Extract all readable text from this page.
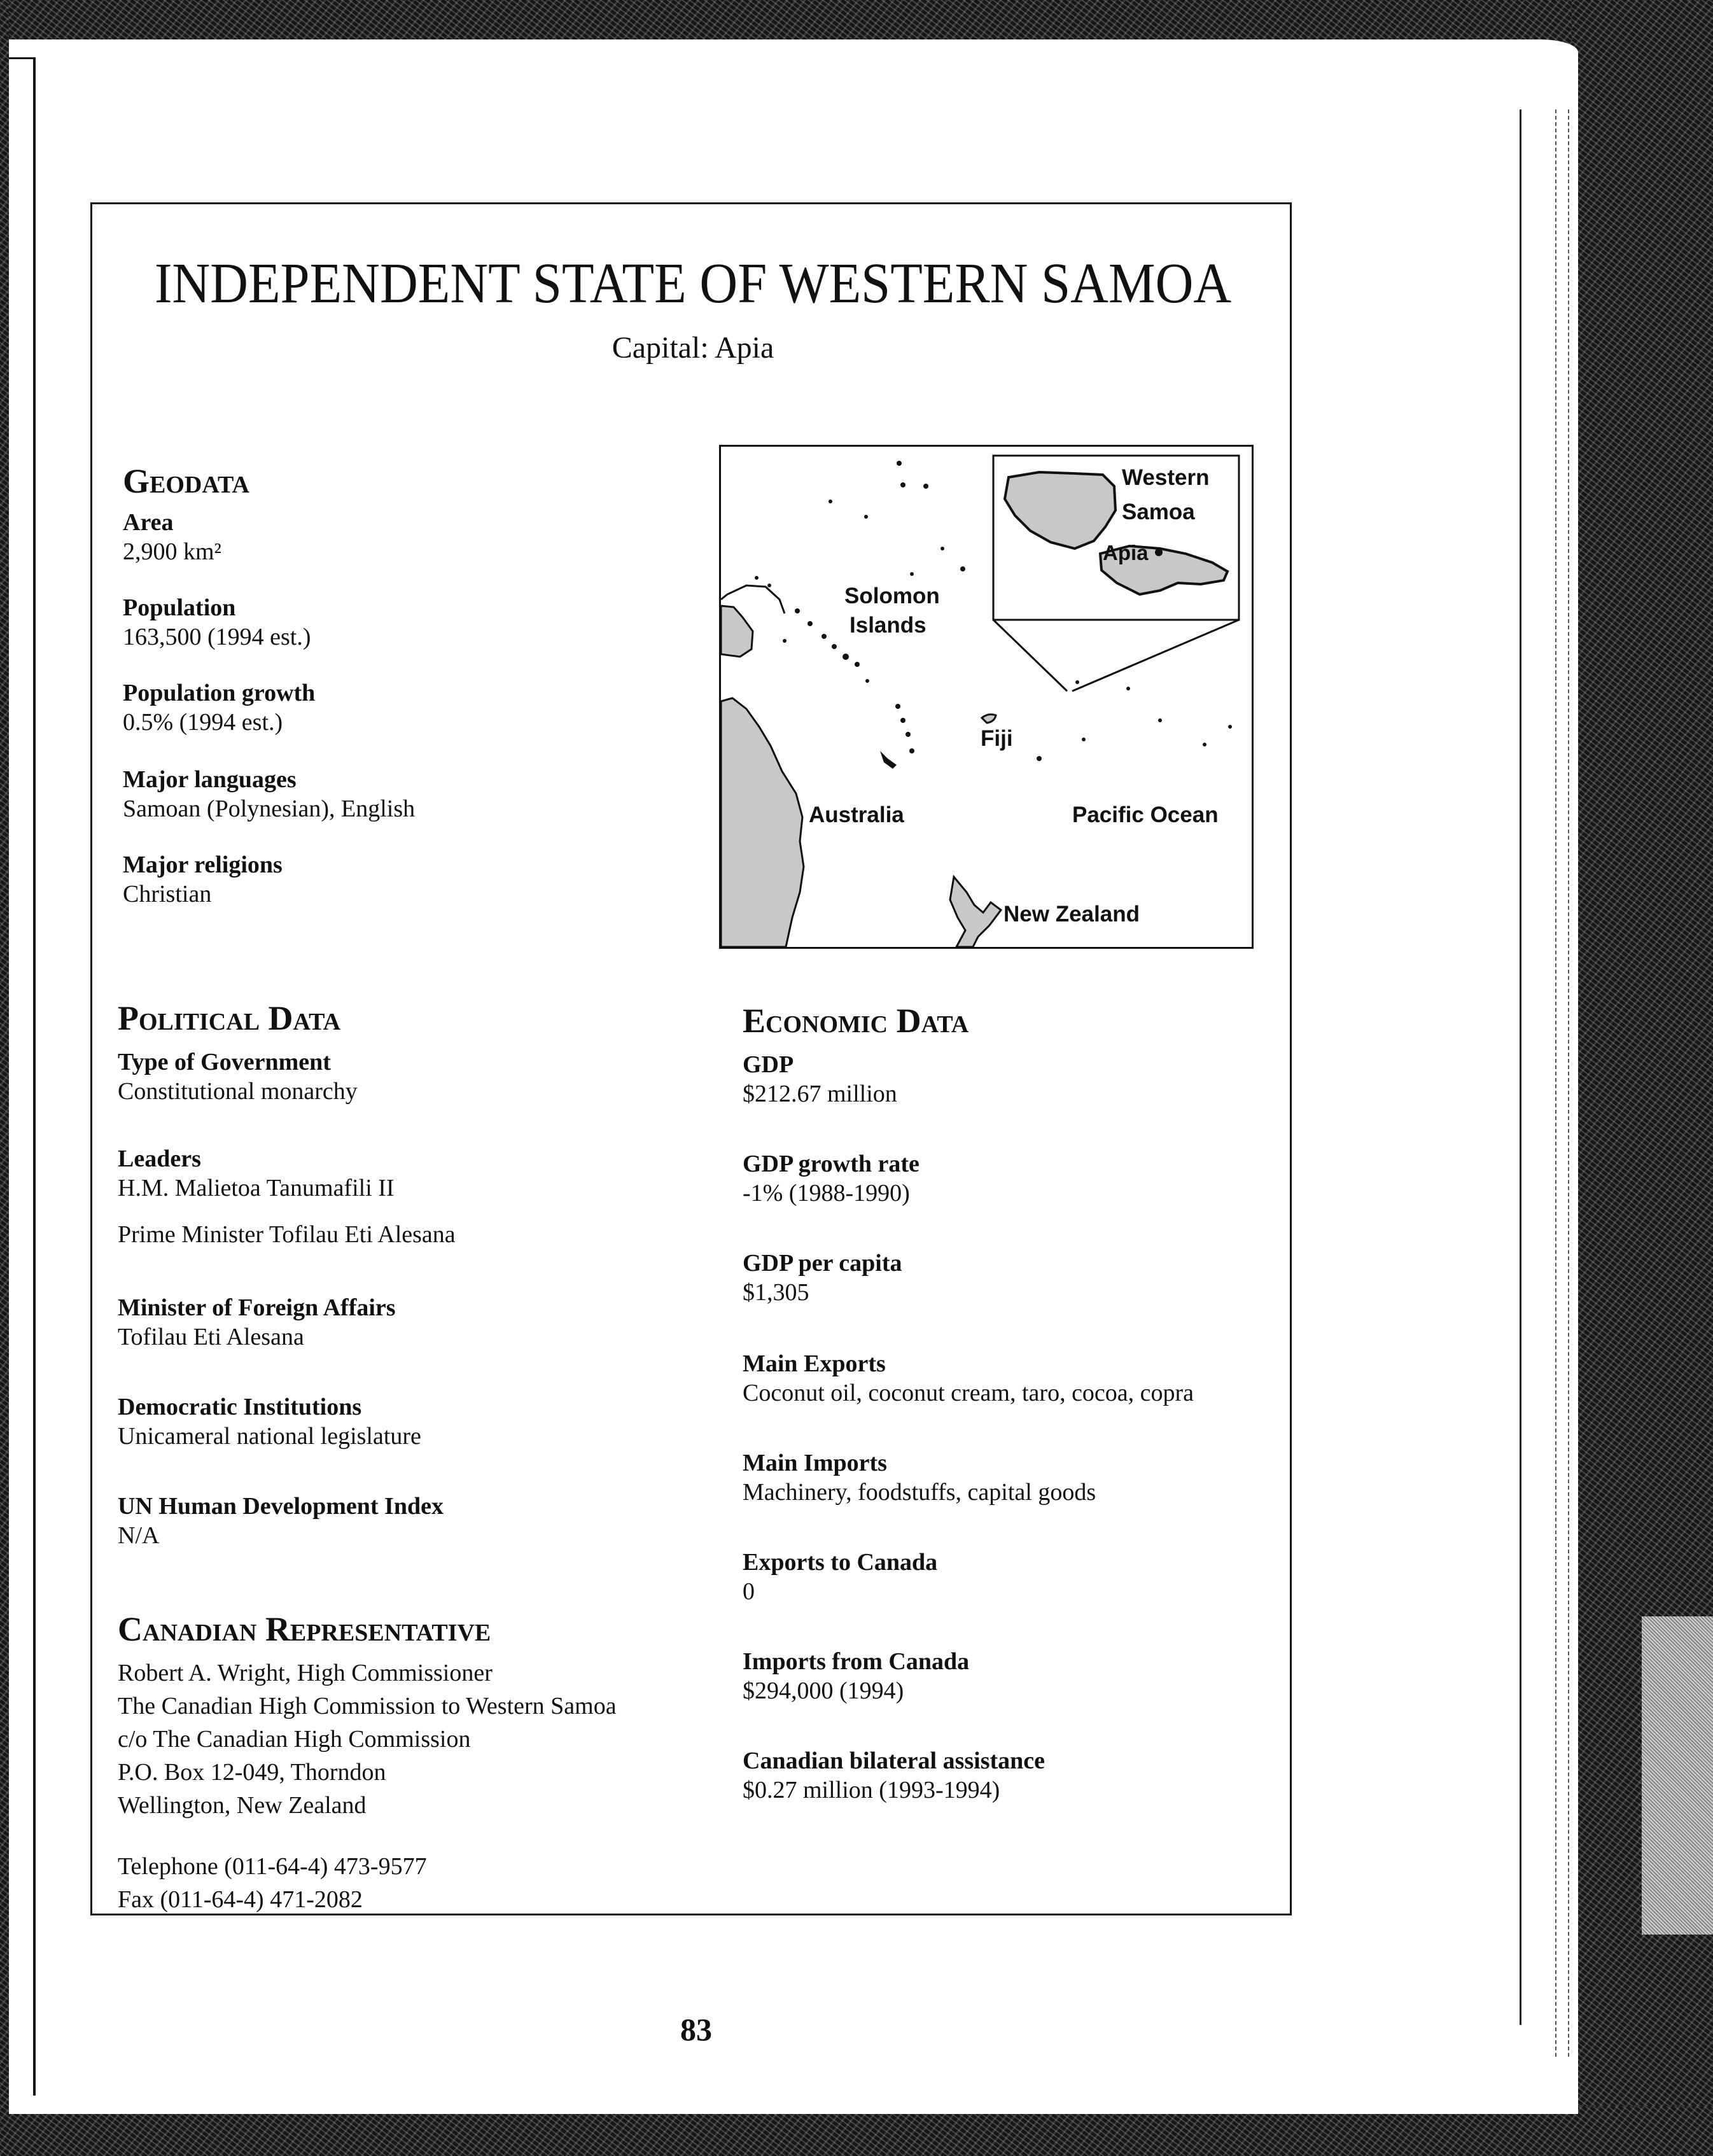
INDEPENDENT STATE OF WESTERN SAMOA
Capital: Apia
Geodata
Area
2,900 km²
Population
163,500 (1994 est.)
Population growth
0.5% (1994 est.)
Major languages
Samoan (Polynesian), English
Major religions
Christian
Western
Samoa
Apia
Solomon
Islands
Fiji
Australia	Pacific Ocean
New Zealand
Political Data
Type of Government
Constitutional monarchy
Leaders
H.M. Malietoa Tanumafili II
Prime Minister Tofilau Eti Alesana
Minister of Foreign Affairs
Tofilau Eti Alesana
Democratic Institutions
Unicameral national legislature
UN Human Development Index
N/A
Canadian Representative
Robert A. Wright, High Commissioner
The Canadian High Commission to Western Samoa
c/o The Canadian High Commission
P.O. Box 12-049, Thorndon
Wellington, New Zealand
Telephone (011-64-4) 473-9577
Fax (011-64-4) 471-2082
Economic Data
GDP
$212.67 million
GDP growth rate
-1% (1988-1990)
GDP per capita
$1,305
Main Exports
Coconut oil, coconut cream, taro, cocoa, copra
Main Imports
Machinery, foodstuffs, capital goods
Exports to Canada
0
Imports from Canada
$294,000 (1994)
Canadian bilateral assistance
$0.27 million (1993-1994)
83
